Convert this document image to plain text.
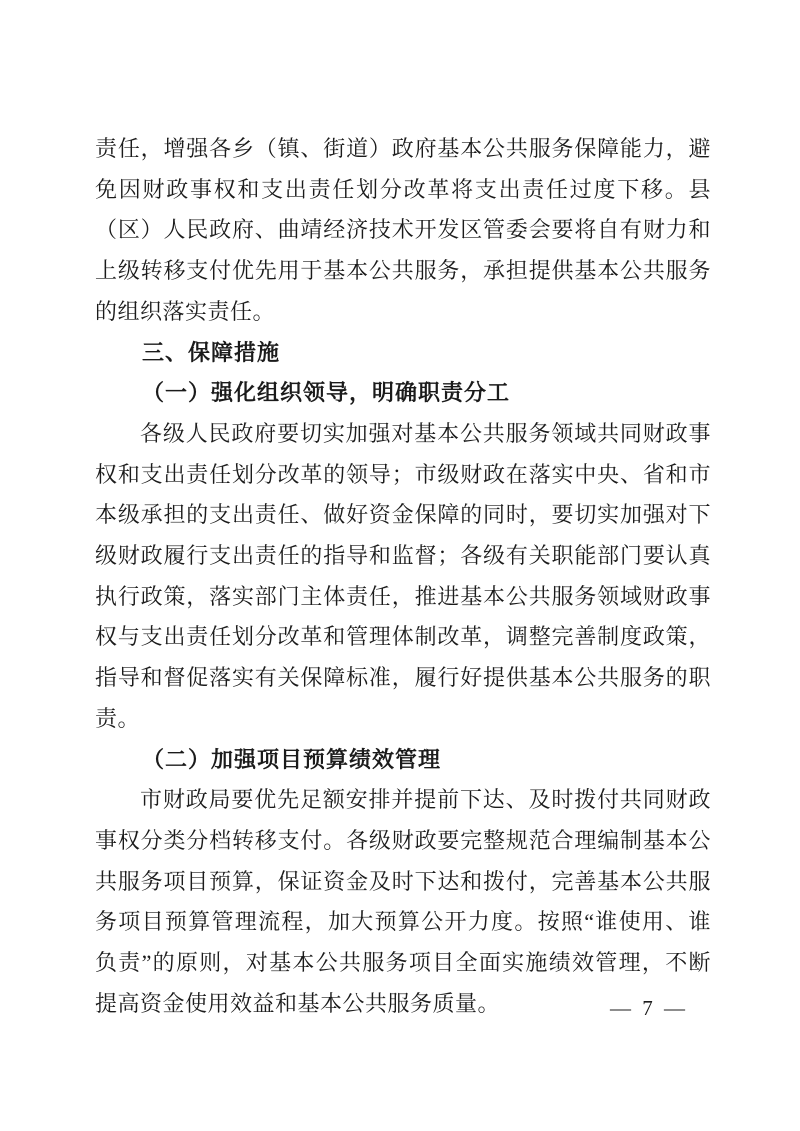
责任，增强各乡（镇、街道）政府基本公共服务保障能力，避免因财政事权和支出责任划分改革将支出责任过度下移。县（区）人民政府、曲靖经济技术开发区管委会要将自有财力和上级转移支付优先用于基本公共服务，承担提供基本公共服务的组织落实责任。

三、保障措施
（一）强化组织领导，明确职责分工

各级人民政府要切实加强对基本公共服务领域共同财政事权和支出责任划分改革的领导；市级财政在落实中央、省和市本级承担的支出责任、做好资金保障的同时，要切实加强对下级财政履行支出责任的指导和监督；各级有关职能部门要认真执行政策，落实部门主体责任，推进基本公共服务领域财政事权与支出责任划分改革和管理体制改革，调整完善制度政策，指导和督促落实有关保障标准，履行好提供基本公共服务的职责。

（二）加强项目预算绩效管理

市财政局要优先足额安排并提前下达、及时拨付共同财政事权分类分档转移支付。各级财政要完整规范合理编制基本公共服务项目预算，保证资金及时下达和拨付，完善基本公共服务项目预算管理流程，加大预算公开力度。按照“谁使用、谁负责”的原则，对基本公共服务项目全面实施绩效管理，不断提高资金使用效益和基本公共服务质量。	— 7 —
